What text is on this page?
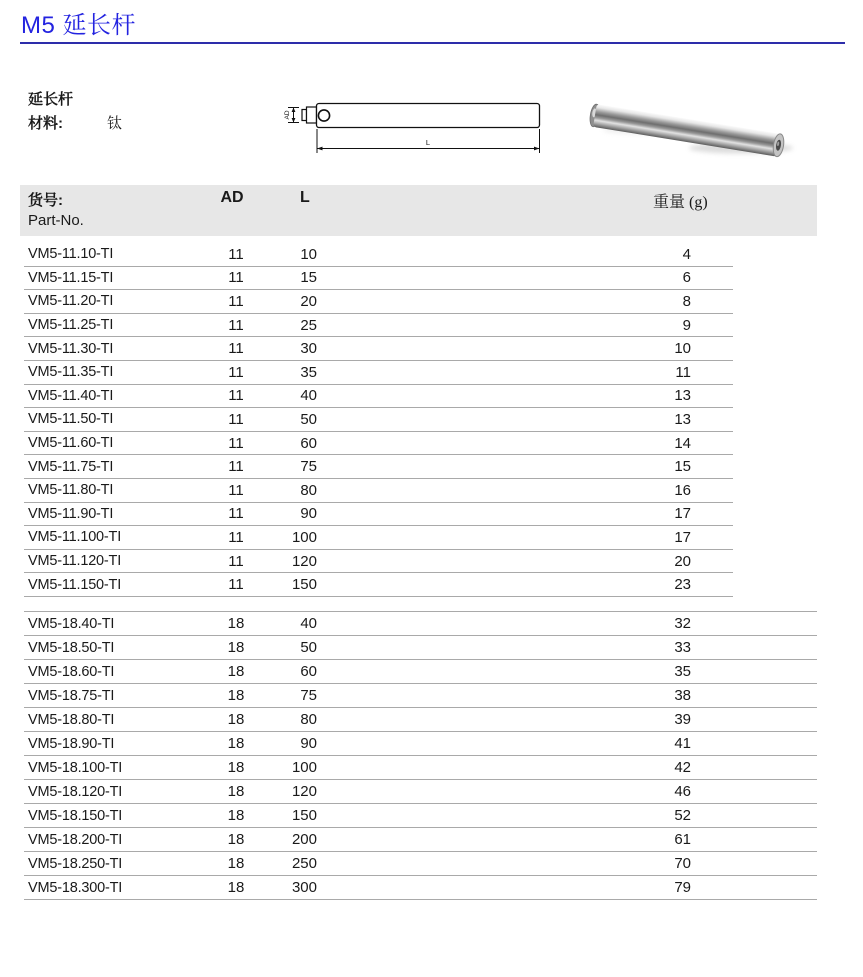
M5 延长杆
延长杆
材料:	钛	AD
L
货号:
Part-No.
AD	L	重量 (g)
VM5-11.10-TI	11	10	4
VM5-11.15-TI	11	15	6
VM5-11.20-TI	11	20	8
VM5-11.25-TI	11	25	9
VM5-11.30-TI	11	30	10
VM5-11.35-TI	11	35	11
VM5-11.40-TI	11	40	13
VM5-11.50-TI	11	50	13
VM5-11.60-TI	11	60	14
VM5-11.75-TI	11	75	15
VM5-11.80-TI	11	80	16
VM5-11.90-TI	11	90	17
VM5-11.100-TI	11	100	17
VM5-11.120-TI	11	120	20
VM5-11.150-TI	11	150	23
VM5-18.40-TI	18	40	32
VM5-18.50-TI	18	50	33
VM5-18.60-TI	18	60	35
VM5-18.75-TI	18	75	38
VM5-18.80-TI	18	80	39
VM5-18.90-TI	18	90	41
VM5-18.100-TI	18	100	42
VM5-18.120-TI	18	120	46
VM5-18.150-TI	18	150	52
VM5-18.200-TI	18	200	61
VM5-18.250-TI	18	250	70
VM5-18.300-TI	18	300	79
